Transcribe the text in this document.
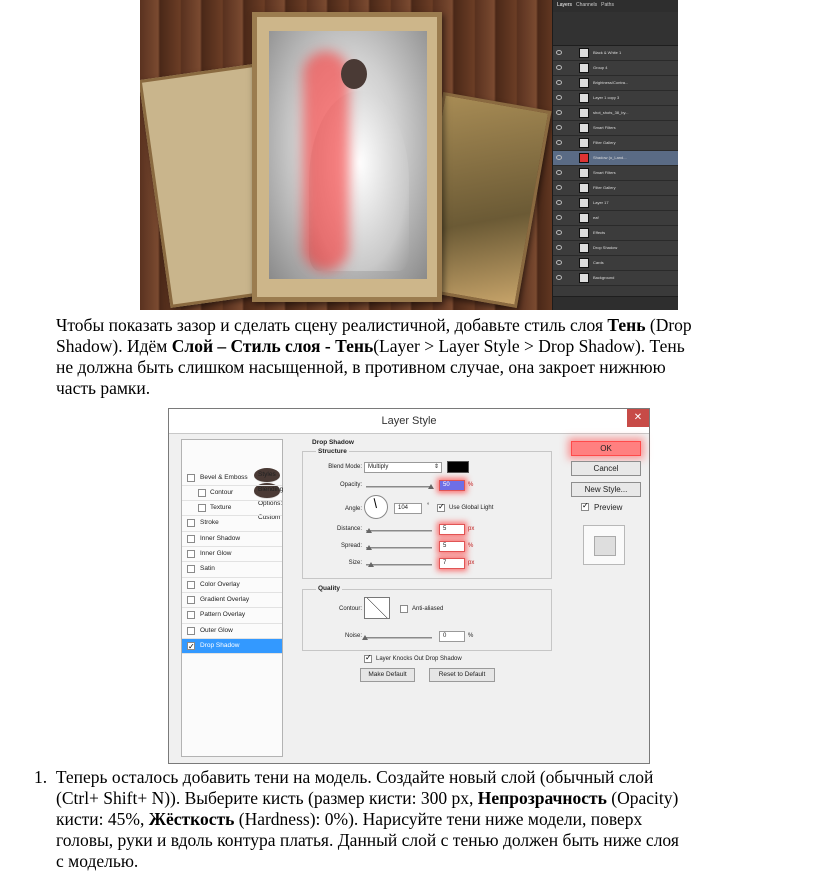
Layers Channels Paths
Black & White 1
Group 4
Brightness/Contra...
Layer 1 copy 3
shot_shots_38_by...
Smart Filters
Filter Gallery
Shadow (o_Land...
Smart Filters
Filter Gallery
Layer 17
eaf
Effects
Drop Shadow
Cards
Background

Чтобы показать зазор и сделать сцену реалистичной, добавьте стиль слоя Тень (Drop

Shadow). Идём Слой – Стиль слоя - Тень(Layer > Layer Style > Drop Shadow). Тень

не должна быть слишком насыщенной, в противном случае, она закроет нижнюю

часть рамки.

Layer Style	✕
Styles
Blending Options: Custom
Bevel & Emboss
Contour
Texture
Stroke
Inner Shadow
Inner Glow
Satin
Color Overlay
Gradient Overlay
Pattern Overlay
Outer Glow
✓
Drop Shadow
Drop Shadow
Structure
Blend Mode:	Multiply ⇕
Opacity:	50	%
Angle:	104	°
✓	Use Global Light
Distance:	5	px
Spread:	5	%
Size:	7	px
Quality
Contour:	Anti-aliased
Noise:	0	%
✓
Layer Knocks Out Drop Shadow
Make Default	Reset to Default
OK
Cancel
New Style...
✓
Preview

1. Теперь осталось добавить тени на модель. Создайте новый слой (обычный слой

(Ctrl+ Shift+ N)). Выберите кисть (размер кисти: 300 px, Непрозрачность (Opacity)

кисти: 45%, Жёсткость (Hardness): 0%). Нарисуйте тени ниже модели, поверх

головы, руки и вдоль контура платья. Данный слой с тенью должен быть ниже слоя

с моделью.
